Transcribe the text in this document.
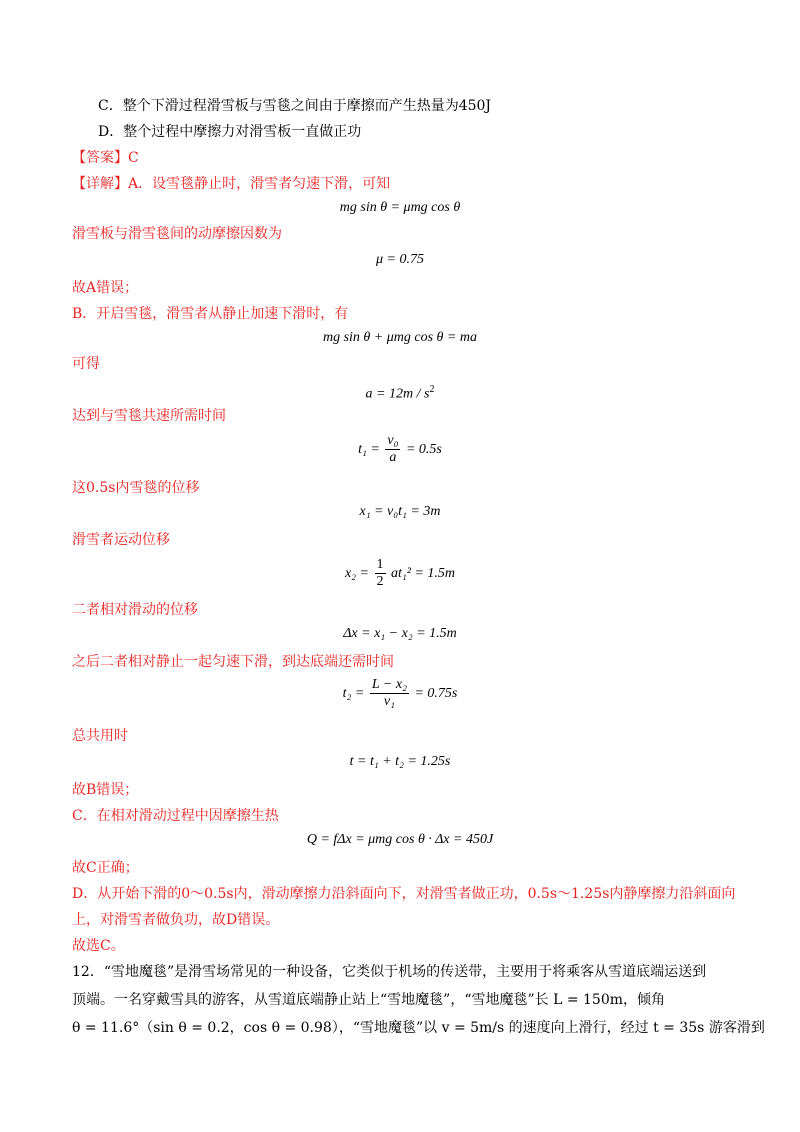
C．整个下滑过程滑雪板与雪毯之间由于摩擦而产生热量为450J
D．整个过程中摩擦力对滑雪板一直做正功
【答案】C
【详解】A．设雪毯静止时，滑雪者匀速下滑，可知
mg sin θ = μmg cos θ
滑雪板与滑雪毯间的动摩擦因数为
μ = 0.75
故A错误；
B．开启雪毯，滑雪者从静止加速下滑时，有
mg sin θ + μmg cos θ = ma
可得
$a = 12m / s^2$
达到与雪毯共速所需时间
$t_1 = \frac{\text{v₀}}{a} = 0.5s$
这0.5s内雪毯的位移
x₁ = v₀t₁ = 3m
滑雪者运动位移
$x_2 = \frac{1}{2} at_1^2 = 1.5m$
二者相对滑动的位移
Δx = x₁ − x₂ = 1.5m
之后二者相对静止一起匀速下滑，到达底端还需时间
$t_2 = \frac{\text{L − x₂}}{\text{v₁}} = 0.75s$
总共用时
t = t₁ + t₂ = 1.25s
故B错误；
C．在相对滑动过程中因摩擦生热
Q = fΔx = μmg cos θ · Δx = 450J
故C正确；
D．从开始下滑的0～0.5s内，滑动摩擦力沿斜面向下，对滑雪者做正功，0.5s～1.25s内静摩擦力沿斜面向
上，对滑雪者做负功，故D错误。
故选C。
12．“雪地魔毯”是滑雪场常见的一种设备，它类似于机场的传送带，主要用于将乘客从雪道底端运送到
顶端。一名穿戴雪具的游客，从雪道底端静止站上“雪地魔毯”，“雪地魔毯”长 L = 150m，倾角
θ = 11.6°（sin θ = 0.2，cos θ = 0.98），“雪地魔毯”以 v = 5m/s 的速度向上滑行，经过 t = 35s 游客滑到
